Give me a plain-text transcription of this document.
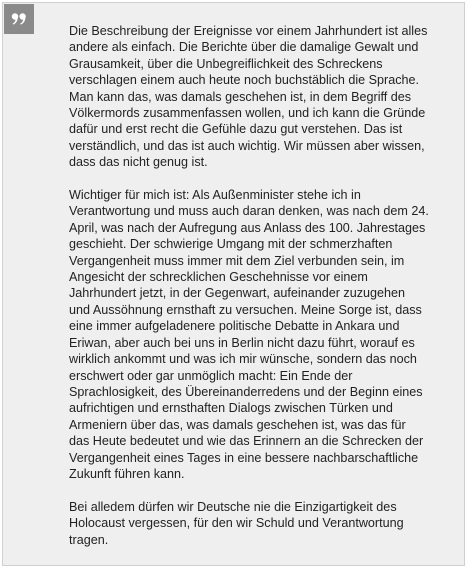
Die Beschreibung der Ereignisse vor einem Jahrhundert ist alles andere als einfach. Die Berichte über die damalige Gewalt und Grausamkeit, über die Unbegreiflichkeit des Schreckens verschlagen einem auch heute noch buchstäblich die Sprache. Man kann das, was damals geschehen ist, in dem Begriff des Völkermords zusammenfassen wollen, und ich kann die Gründe dafür und erst recht die Gefühle dazu gut verstehen. Das ist verständlich, und das ist auch wichtig. Wir müssen aber wissen, dass das nicht genug ist.

Wichtiger für mich ist: Als Außenminister stehe ich in Verantwortung und muss auch daran denken, was nach dem 24. April, was nach der Aufregung aus Anlass des 100. Jahrestages geschieht. Der schwierige Umgang mit der schmerzhaften Vergangenheit muss immer mit dem Ziel verbunden sein, im Angesicht der schrecklichen Geschehnisse vor einem Jahrhundert jetzt, in der Gegenwart, aufeinander zuzugehen und Aussöhnung ernsthaft zu versuchen. Meine Sorge ist, dass eine immer aufgeladenere politische Debatte in Ankara und Eriwan, aber auch bei uns in Berlin nicht dazu führt, worauf es wirklich ankommt und was ich mir wünsche, sondern das noch erschwert oder gar unmöglich macht: Ein Ende der Sprachlosigkeit, des Übereinanderredens und der Beginn eines aufrichtigen und ernsthaften Dialogs zwischen Türken und Armeniern über das, was damals geschehen ist, was das für das Heute bedeutet und wie das Erinnern an die Schrecken der Vergangenheit eines Tages in eine bessere nachbarschaftliche Zukunft führen kann.

Bei alledem dürfen wir Deutsche nie die Einzigartigkeit des Holocaust vergessen, für den wir Schuld und Verantwortung tragen.
